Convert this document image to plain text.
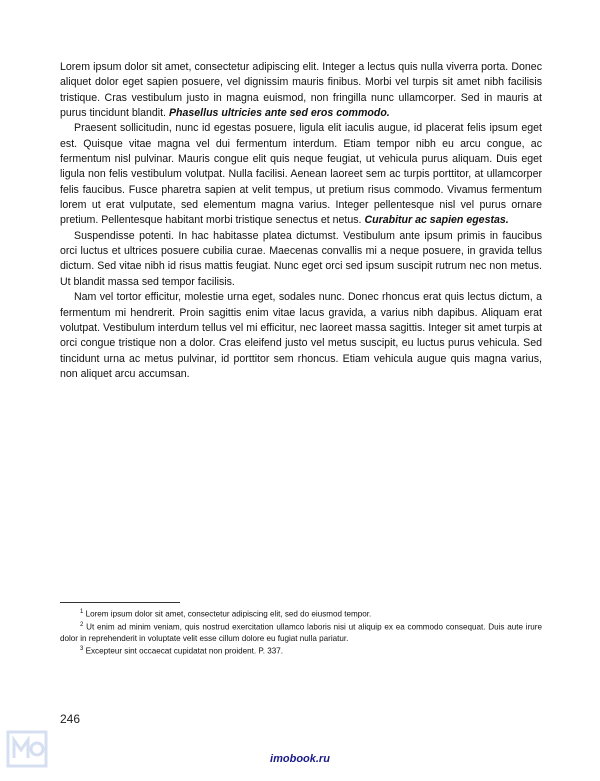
Lorem ipsum dolor sit amet, consectetur adipiscing elit. Integer a lectus quis nulla viverra porta. Donec aliquet dolor eget sapien posuere, vel dignissim mauris finibus. Morbi vel turpis sit amet nibh facilisis tristique. Cras vestibulum justo in magna euismod, non fringilla nunc ullamcorper. Sed in mauris at purus tincidunt blandit. Phasellus ultricies ante sed eros commodo.

Praesent sollicitudin, nunc id egestas posuere, ligula elit iaculis augue, id placerat felis ipsum eget est. Quisque vitae magna vel dui fermentum interdum. Etiam tempor nibh eu arcu congue, ac fermentum nisl pulvinar. Mauris congue elit quis neque feugiat, ut vehicula purus aliquam. Duis eget ligula non felis vestibulum volutpat. Nulla facilisi. Aenean laoreet sem ac turpis porttitor, at ullamcorper felis faucibus. Fusce pharetra sapien at velit tempus, ut pretium risus commodo. Vivamus fermentum lorem ut erat vulputate, sed elementum magna varius. Integer pellentesque nisl vel purus ornare pretium. Pellentesque habitant morbi tristique senectus et netus. Curabitur ac sapien egestas.

Suspendisse potenti. In hac habitasse platea dictumst. Vestibulum ante ipsum primis in faucibus orci luctus et ultrices posuere cubilia curae. Maecenas convallis mi a neque posuere, in gravida tellus dictum. Sed vitae nibh id risus mattis feugiat. Nunc eget orci sed ipsum suscipit rutrum nec non metus. Ut blandit massa sed tempor facilisis.

Nam vel tortor efficitur, molestie urna eget, sodales nunc. Donec rhoncus erat quis lectus dictum, a fermentum mi hendrerit. Proin sagittis enim vitae lacus gravida, a varius nibh dapibus. Aliquam erat volutpat. Vestibulum interdum tellus vel mi efficitur, nec laoreet massa sagittis. Integer sit amet turpis at orci congue tristique non a dolor. Cras eleifend justo vel metus suscipit, eu luctus purus vehicula. Sed tincidunt urna ac metus pulvinar, id porttitor sem rhoncus. Etiam vehicula augue quis magna varius, non aliquet arcu accumsan.

$^1$ Lorem ipsum dolor sit amet, consectetur adipiscing elit, sed do eiusmod tempor.

$^2$ Ut enim ad minim veniam, quis nostrud exercitation ullamco laboris nisi ut aliquip ex ea commodo consequat. Duis aute irure dolor in reprehenderit in voluptate velit esse cillum dolore eu fugiat nulla pariatur.

$^3$ Excepteur sint occaecat cupidatat non proident. P. 337.

246
imobook.ru
